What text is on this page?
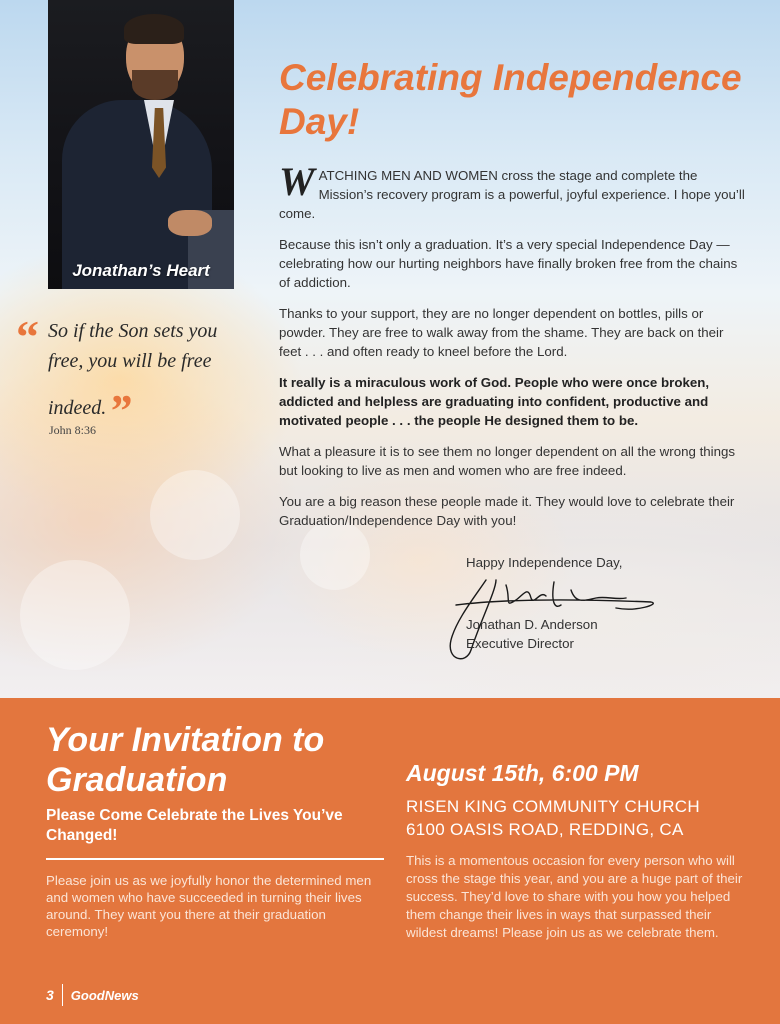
Jonathan’s Heart
“ So if the Son sets you free, you will be free indeed.”
John 8:36
Celebrating Independence Day!

WATCHING MEN AND WOMEN cross the stage and complete the Mission’s recovery program is a powerful, joyful experience. I hope you’ll come.

Because this isn’t only a graduation. It’s a very special Independence Day — celebrating how our hurting neighbors have finally broken free from the chains of addiction.

Thanks to your support, they are no longer dependent on bottles, pills or powder. They are free to walk away from the shame. They are back on their feet . . . and often ready to kneel before the Lord.

It really is a miraculous work of God. People who were once broken, addicted and helpless are graduating into confident, productive and motivated people . . . the people He designed them to be.

What a pleasure it is to see them no longer dependent on all the wrong things but looking to live as men and women who are free indeed.

You are a big reason these people made it. They would love to celebrate their Graduation/Independence Day with you!

Happy Independence Day,
Jonathan D. Anderson
Executive Director
Your Invitation to Graduation
Please Come Celebrate the Lives You’ve Changed!

Please join us as we joyfully honor the determined men and women who have succeeded in turning their lives around. They want you there at their graduation ceremony!

August 15th, 6:00 PM
RISEN KING COMMUNITY CHURCH
6100 OASIS ROAD, REDDING, CA

This is a momentous occasion for every person who will cross the stage this year, and you are a huge part of their success. They’d love to share with you how you helped them change their lives in ways that surpassed their wildest dreams! Please join us as we celebrate them.

3 GoodNews
